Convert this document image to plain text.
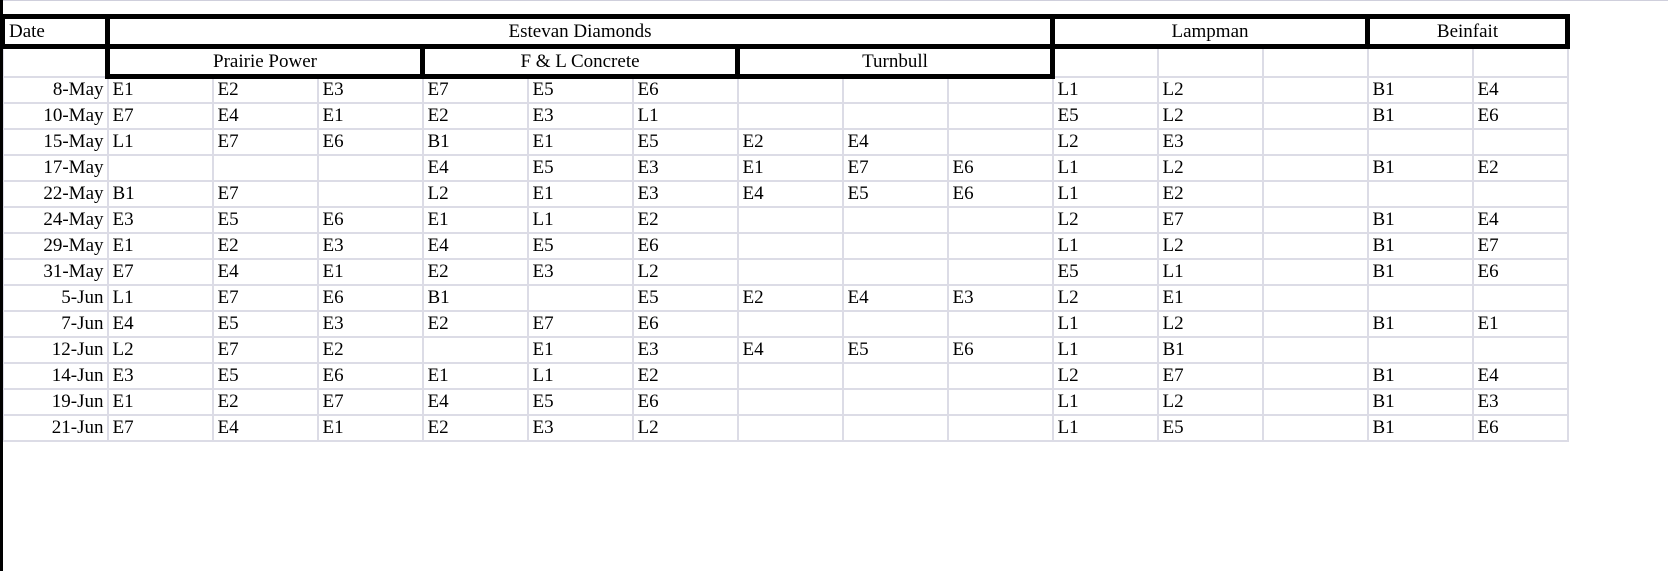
Date	Estevan Diamonds									Lampman			Beinfait	
	Prairie Power			F & L Concrete			Turnbull							
8-May	E1	E2	E3	E7	E5	E6				L1	L2		B1	E4
10-May	E7	E4	E1	E2	E3	L1				E5	L2		B1	E6
15-May	L1	E7	E6	B1	E1	E5	E2	E4		L2	E3			
17-May				E4	E5	E3	E1	E7	E6	L1	L2		B1	E2
22-May	B1	E7		L2	E1	E3	E4	E5	E6	L1	E2			
24-May	E3	E5	E6	E1	L1	E2				L2	E7		B1	E4
29-May	E1	E2	E3	E4	E5	E6				L1	L2		B1	E7
31-May	E7	E4	E1	E2	E3	L2				E5	L1		B1	E6
5-Jun	L1	E7	E6	B1		E5	E2	E4	E3	L2	E1			
7-Jun	E4	E5	E3	E2	E7	E6				L1	L2		B1	E1
12-Jun	L2	E7	E2		E1	E3	E4	E5	E6	L1	B1			
14-Jun	E3	E5	E6	E1	L1	E2				L2	E7		B1	E4
19-Jun	E1	E2	E7	E4	E5	E6				L1	L2		B1	E3
21-Jun	E7	E4	E1	E2	E3	L2				L1	E5		B1	E6
